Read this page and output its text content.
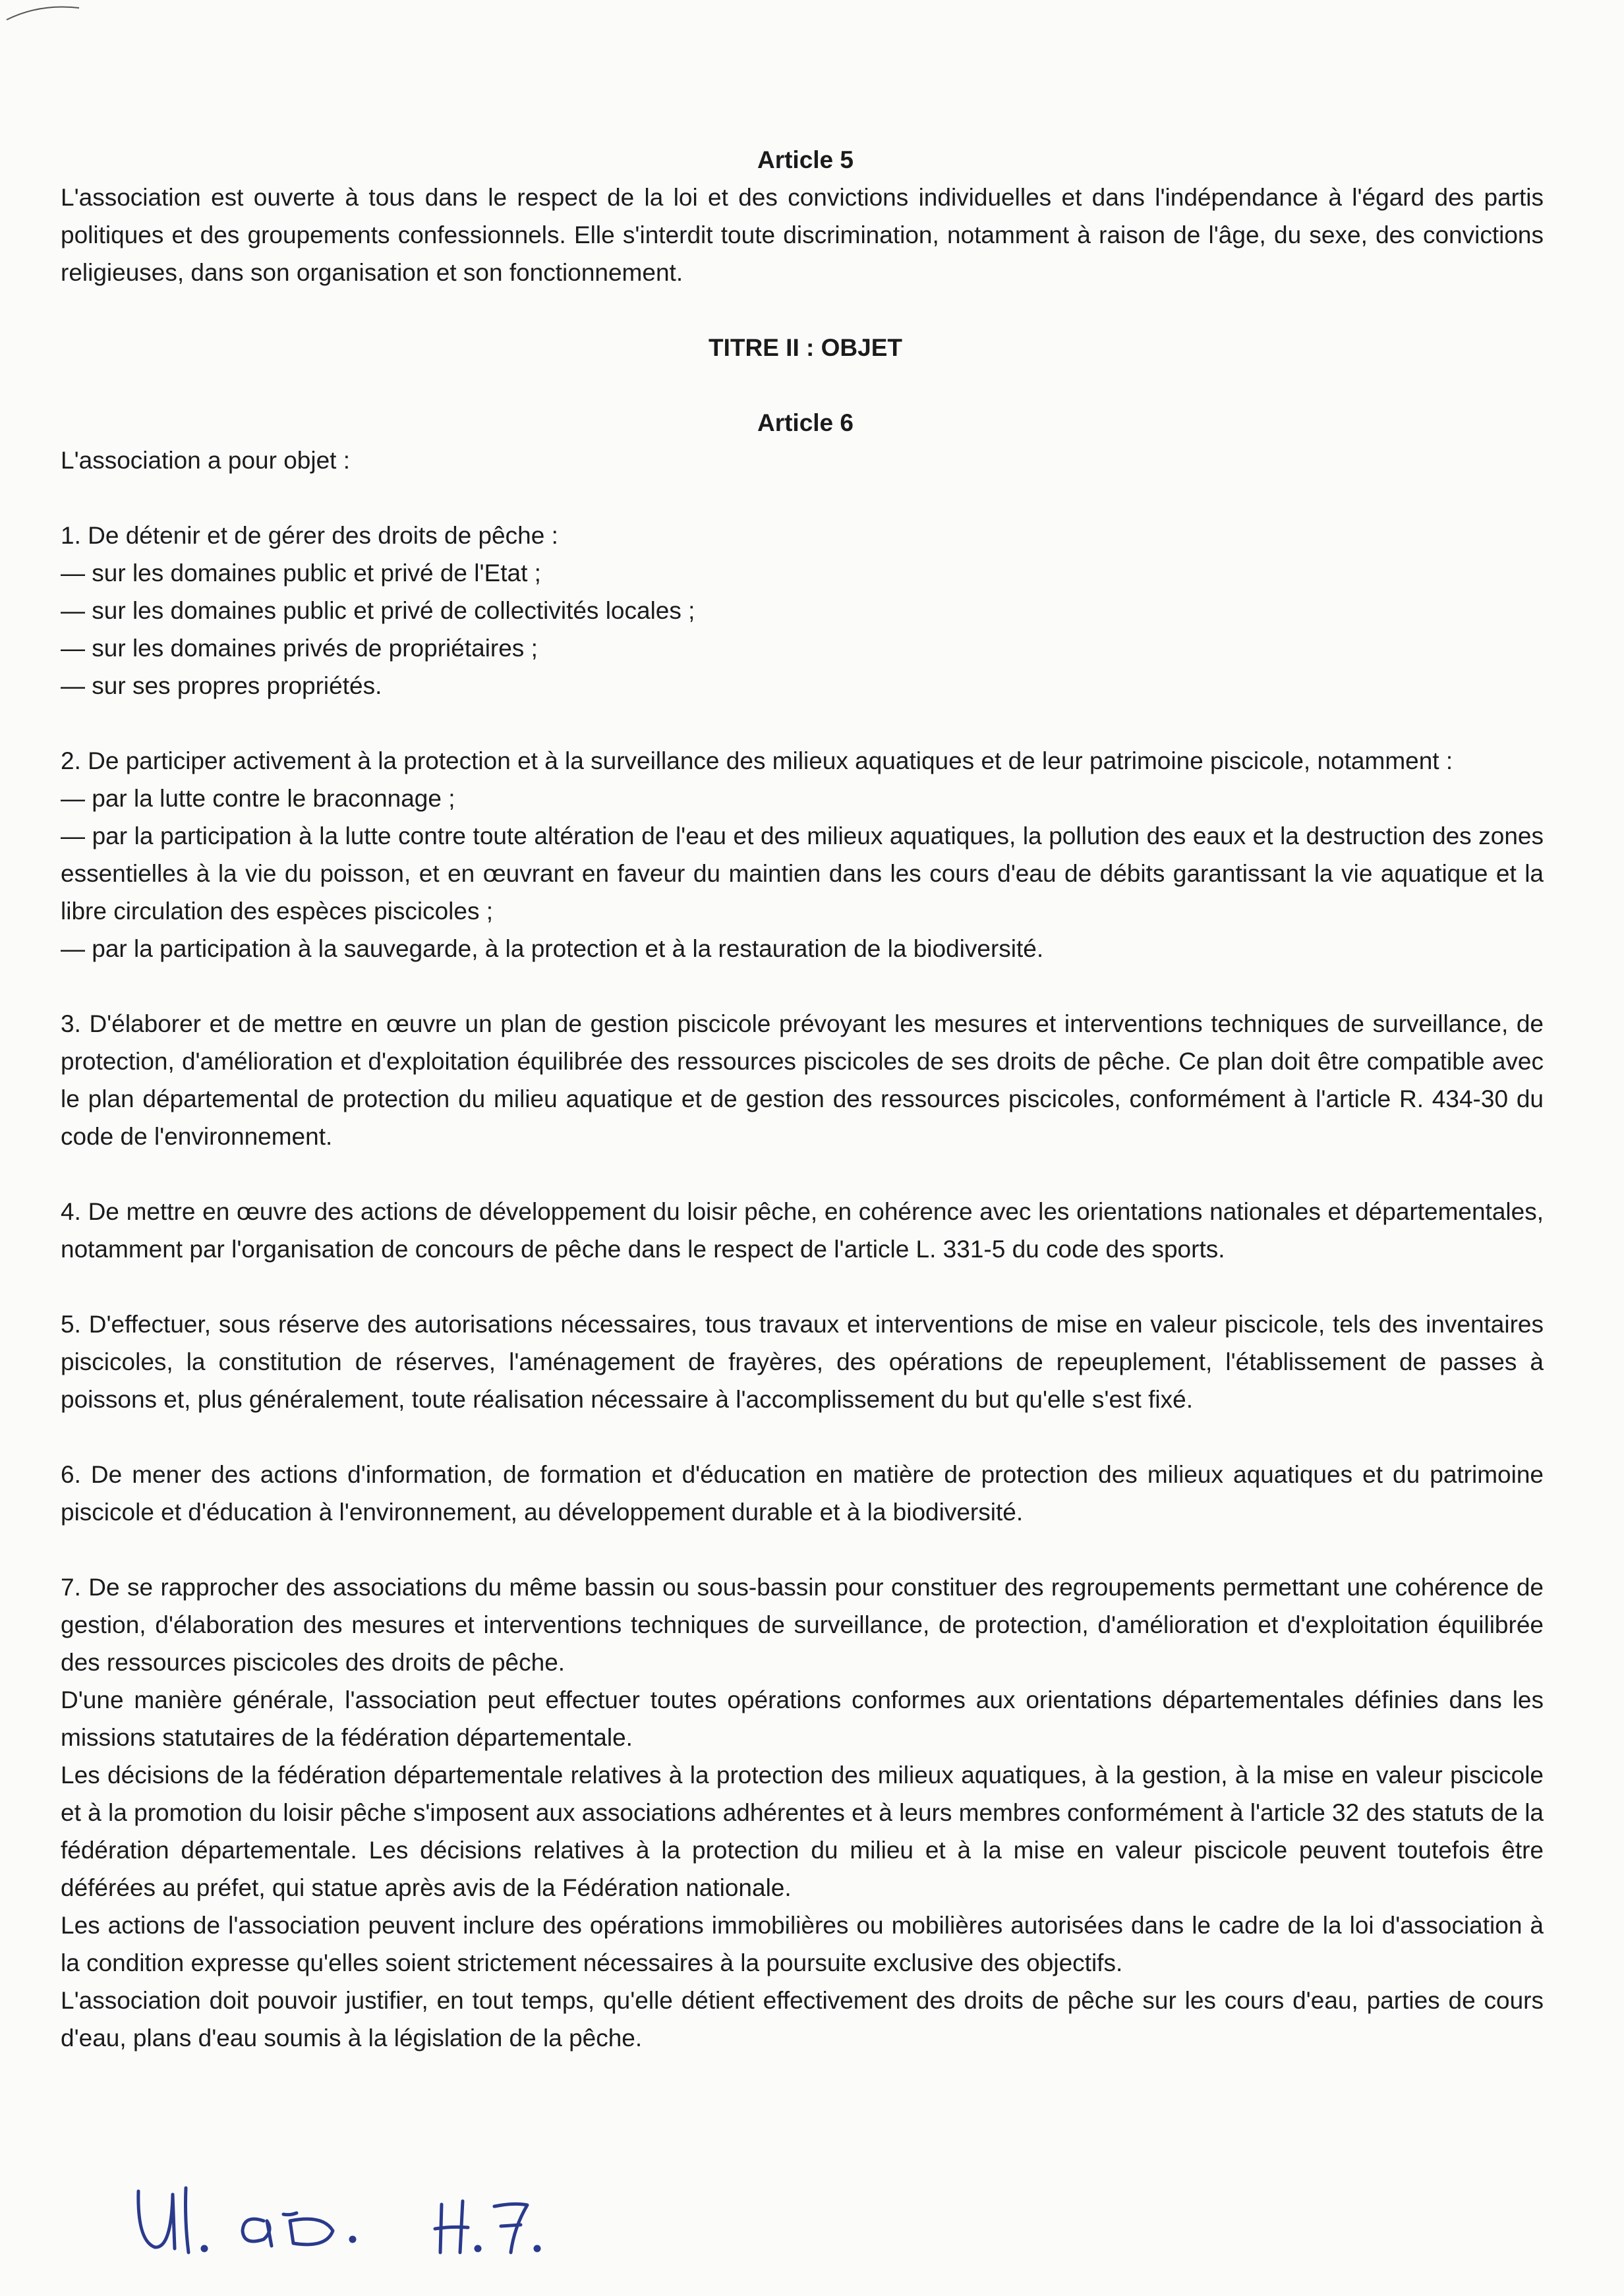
Article 5

L'association est ouverte à tous dans le respect de la loi et des convictions individuelles et dans l'indépendance à l'égard des partis politiques et des groupements confessionnels. Elle s'interdit toute discrimination, notamment à raison de l'âge, du sexe, des convictions religieuses, dans son organisation et son fonctionnement.

TITRE II : OBJET

Article 6

L'association a pour objet :

1. De détenir et de gérer des droits de pêche :

— sur les domaines public et privé de l'Etat ;

— sur les domaines public et privé de collectivités locales ;

— sur les domaines privés de propriétaires ;

— sur ses propres propriétés.

2. De participer activement à la protection et à la surveillance des milieux aquatiques et de leur patrimoine piscicole, notamment :

— par la lutte contre le braconnage ;

— par la participation à la lutte contre toute altération de l'eau et des milieux aquatiques, la pollution des eaux et la destruction des zones essentielles à la vie du poisson, et en œuvrant en faveur du maintien dans les cours d'eau de débits garantissant la vie aquatique et la libre circulation des espèces piscicoles ;

— par la participation à la sauvegarde, à la protection et à la restauration de la biodiversité.

3. D'élaborer et de mettre en œuvre un plan de gestion piscicole prévoyant les mesures et interventions techniques de surveillance, de protection, d'amélioration et d'exploitation équilibrée des ressources piscicoles de ses droits de pêche. Ce plan doit être compatible avec le plan départemental de protection du milieu aquatique et de gestion des ressources piscicoles, conformément à l'article R. 434-30 du code de l'environnement.

4. De mettre en œuvre des actions de développement du loisir pêche, en cohérence avec les orientations nationales et départementales, notamment par l'organisation de concours de pêche dans le respect de l'article L. 331-5 du code des sports.

5. D'effectuer, sous réserve des autorisations nécessaires, tous travaux et interventions de mise en valeur piscicole, tels des inventaires piscicoles, la constitution de réserves, l'aménagement de frayères, des opérations de repeuplement, l'établissement de passes à poissons et, plus généralement, toute réalisation nécessaire à l'accomplissement du but qu'elle s'est fixé.

6. De mener des actions d'information, de formation et d'éducation en matière de protection des milieux aquatiques et du patrimoine piscicole et d'éducation à l'environnement, au développement durable et à la biodiversité.

7. De se rapprocher des associations du même bassin ou sous-bassin pour constituer des regroupements permettant une cohérence de gestion, d'élaboration des mesures et interventions techniques de surveillance, de protection, d'amélioration et d'exploitation équilibrée des ressources piscicoles des droits de pêche.

D'une manière générale, l'association peut effectuer toutes opérations conformes aux orientations départementales définies dans les missions statutaires de la fédération départementale.

Les décisions de la fédération départementale relatives à la protection des milieux aquatiques, à la gestion, à la mise en valeur piscicole et à la promotion du loisir pêche s'imposent aux associations adhérentes et à leurs membres conformément à l'article 32 des statuts de la fédération départementale. Les décisions relatives à la protection du milieu et à la mise en valeur piscicole peuvent toutefois être déférées au préfet, qui statue après avis de la Fédération nationale.

Les actions de l'association peuvent inclure des opérations immobilières ou mobilières autorisées dans le cadre de la loi d'association à la condition expresse qu'elles soient strictement nécessaires à la poursuite exclusive des objectifs.

L'association doit pouvoir justifier, en tout temps, qu'elle détient effectivement des droits de pêche sur les cours d'eau, parties de cours d'eau, plans d'eau soumis à la législation de la pêche.
